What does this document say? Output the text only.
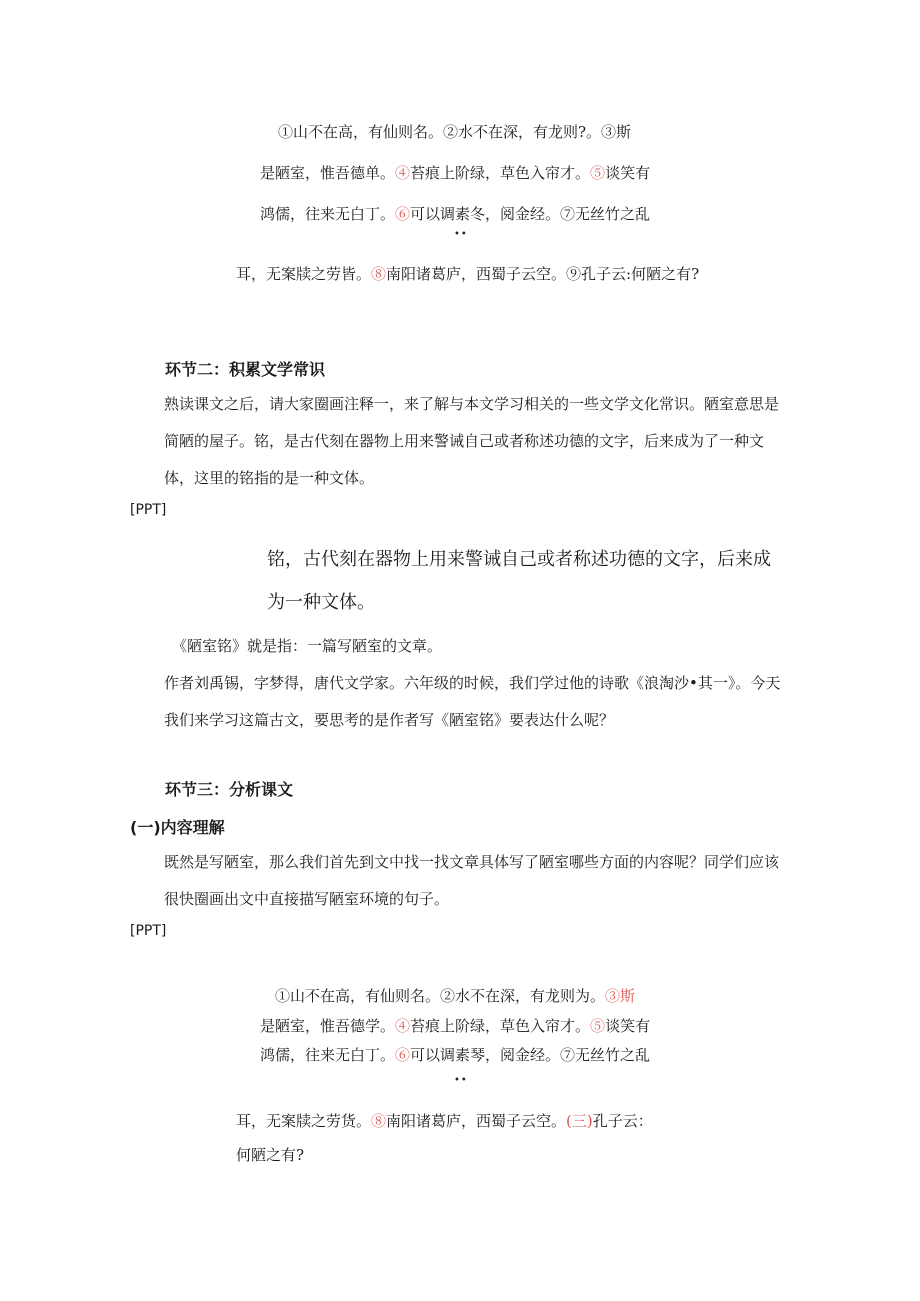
①山不在高，有仙则名。②水不在深，有龙则?。③斯
是陋室，惟吾德单。④苔痕上阶绿，草色入帘才。⑤谈笑有
鸿儒，往来无白丁。⑥可以调素冬，阅金经。⑦无丝竹之乱
••
耳，无案牍之劳皆。⑧南阳诸葛庐，西蜀子云空。⑨孔子云:何陋之有?
环节二：积累文学常识
熟读课文之后，请大家圈画注释一，来了解与本文学习相关的一些文学文化常识。陋室意思是简陋的屋子。铭，是古代刻在器物上用来警诫自己或者称述功德的文字，后来成为了一种文体，这里的铭指的是一种文体。
[PPT]
铭，古代刻在器物上用来警诫自己或者称述功德的文字，后来成为一种文体。
《陋室铭》就是指：一篇写陋室的文章。
作者刘禹锡，字梦得，唐代文学家。六年级的时候，我们学过他的诗歌《浪淘沙•其一》。今天我们来学习这篇古文，要思考的是作者写《陋室铭》要表达什么呢？
环节三：分析课文
(一)内容理解
既然是写陋室，那么我们首先到文中找一找文章具体写了陋室哪些方面的内容呢？同学们应该很快圈画出文中直接描写陋室环境的句子。
[PPT]
①山不在高，有仙则名。②水不在深，有龙则为。③斯
是陋室，惟吾德学。④苔痕上阶绿，草色入帘才。⑤谈笑有
鸿儒，往来无白丁。⑥可以调素琴，阅金经。⑦无丝竹之乱
••
耳，无案牍之劳货。⑧南阳诸葛庐，西蜀子云空。(三)孔子云：
何陋之有?
